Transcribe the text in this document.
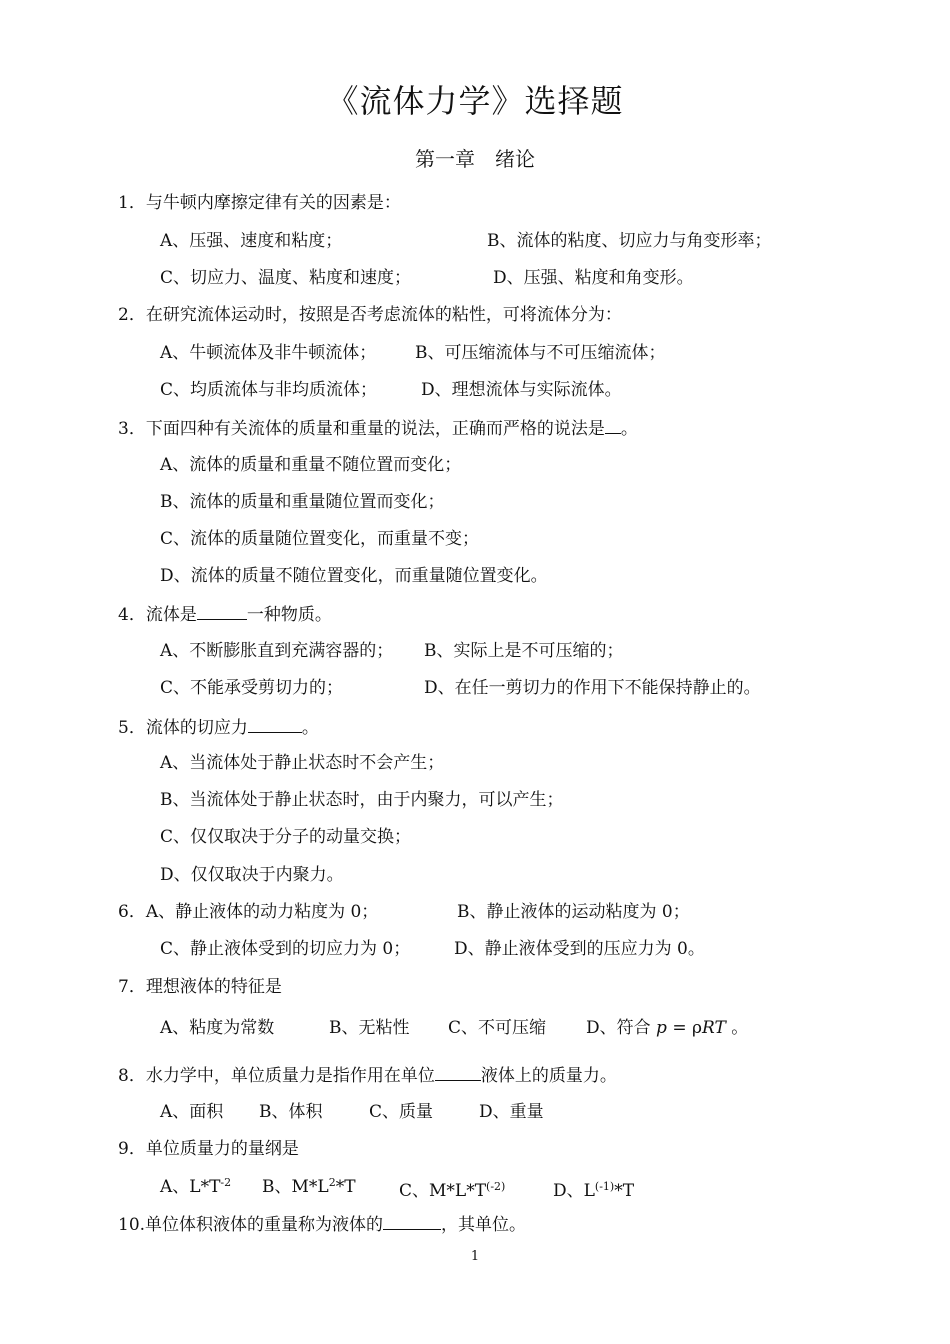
《流体力学》选择题
第一章　绪论
1．与牛顿内摩擦定律有关的因素是：
A、压强、速度和粘度；	B、流体的粘度、切应力与角变形率；
C、切应力、温度、粘度和速度；	D、压强、粘度和角变形。
2．在研究流体运动时，按照是否考虑流体的粘性，可将流体分为：
A、牛顿流体及非牛顿流体； B、可压缩流体与不可压缩流体；
C、均质流体与非均质流体；	D、理想流体与实际流体。
3．下面四种有关流体的质量和重量的说法，正确而严格的说法是 。
A、流体的质量和重量不随位置而变化；
B、流体的质量和重量随位置而变化；
C、流体的质量随位置变化，而重量不变；
D、流体的质量不随位置变化，而重量随位置变化。
4．流体是	一种物质。
A、不断膨胀直到充满容器的； B、实际上是不可压缩的；
C、不能承受剪切力的；	D、在任一剪切力的作用下不能保持静止的。
5．流体的切应力	。
A、当流体处于静止状态时不会产生；
B、当流体处于静止状态时，由于内聚力，可以产生；
C、仅仅取决于分子的动量交换；
D、仅仅取决于内聚力。
6．A、静止液体的动力粘度为 0；	B、静止液体的运动粘度为 0；
C、静止液体受到的切应力为 0；	D、静止液体受到的压应力为 0。
7．理想液体的特征是
A、粘度为常数	B、无粘性 C、不可压缩 D、符合 p = ρRT 。
8．水力学中，单位质量力是指作用在单位	液体上的质量力。
A、面积 B、体积	C、质量	D、重量
9．单位质量力的量纲是
A、$L*T^{-2}$ B、$M*L^2*T$	C、$M*L*T^{(-2)}$	D、$L^{(-1)}*T$
10.单位体积液体的重量称为液体的	，其单位。
1
